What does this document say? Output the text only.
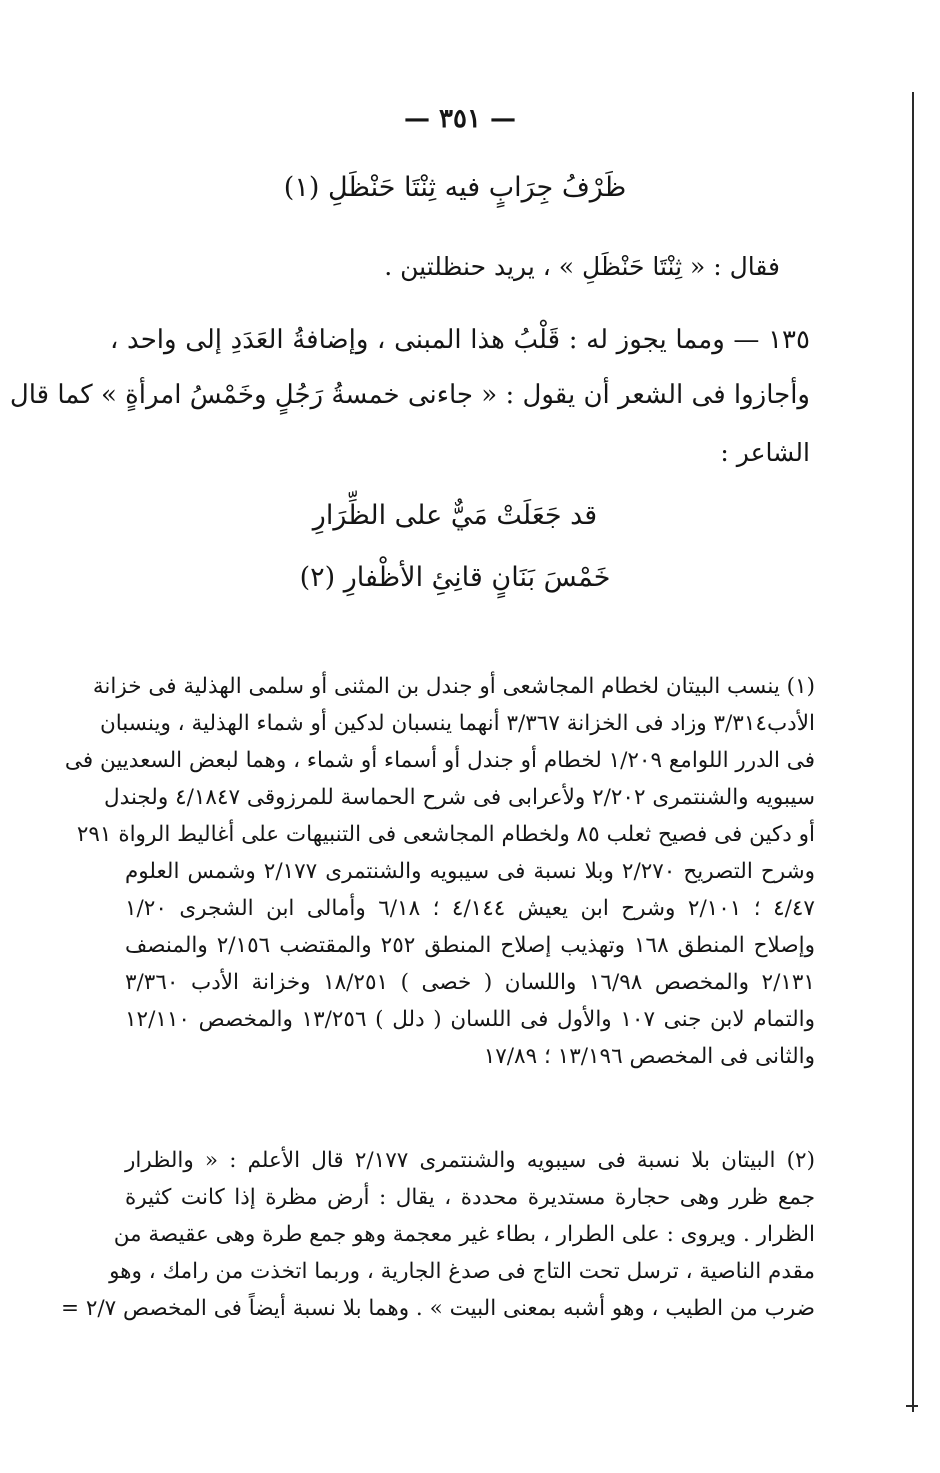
— ٣٥١ —
ظَرْفُ جِرَابٍ فيه ثِنْتَا حَنْظَلِ (١)
فقال : « ثِنْتَا حَنْظَلِ » ، يريد حنظلتين .
١٣٥ — ومما يجوز له : قَلْبُ هذا المبنى ، وإضافةُ العَدَدِ إلى واحد ،
وأجازوا فى الشعر أن يقول : « جاءنى خمسةُ رَجُلٍ وخَمْسُ امرأةٍ » كما قال
الشاعر :
قد جَعَلَتْ مَيٌّ على الظِّرَارِ
خَمْسَ بَنَانٍ قانِئِ الأظْفارِ (٢)
(١) ينسب البيتان لخطام المجاشعى أو جندل بن المثنى أو سلمى الهذلية فى خزانة
الأدب٣/٣١٤ وزاد فى الخزانة ٣/٣٦٧ أنهما ينسبان لدكين أو شماء الهذلية ، وينسبان
فى الدرر اللوامع ١/٢٠٩ لخطام أو جندل أو أسماء أو شماء ، وهما لبعض السعديين فى
سيبويه والشنتمرى ٢/٢٠٢ ولأعرابى فى شرح الحماسة للمرزوقى ٤/١٨٤٧ ولجندل
أو دكين فى فصيح ثعلب ٨٥ ولخطام المجاشعى فى التنبيهات على أغاليط الرواة ٢٩١
وشرح التصريح ٢/٢٧٠ وبلا نسبة فى سيبويه والشنتمرى ٢/١٧٧ وشمس العلوم
٤/٤٧ ؛ ٢/١٠١ وشرح ابن يعيش ٤/١٤٤ ؛ ٦/١٨ وأمالى ابن الشجرى ١/٢٠
وإصلاح المنطق ١٦٨ وتهذيب إصلاح المنطق ٢٥٢ والمقتضب ٢/١٥٦ والمنصف
٢/١٣١ والمخصص ١٦/٩٨ واللسان ( خصى ) ١٨/٢٥١ وخزانة الأدب ٣/٣٦٠
والتمام لابن جنى ١٠٧ والأول فى اللسان ( دلل ) ١٣/٢٥٦ والمخصص ١٢/١١٠
والثانى فى المخصص ١٣/١٩٦ ؛ ١٧/٨٩
(٢) البيتان بلا نسبة فى سيبويه والشنتمرى ٢/١٧٧ قال الأعلم : « والظرار
جمع ظرر وهى حجارة مستديرة محددة ، يقال : أرض مظرة إذا كانت كثيرة
الظرار . ويروى : على الطرار ، بطاء غير معجمة وهو جمع طرة وهى عقيصة من
مقدم الناصية ، ترسل تحت التاج فى صدغ الجارية ، وربما اتخذت من رامك ، وهو
ضرب من الطيب ، وهو أشبه بمعنى البيت » . وهما بلا نسبة أيضاً فى المخصص ٢/٧ =
